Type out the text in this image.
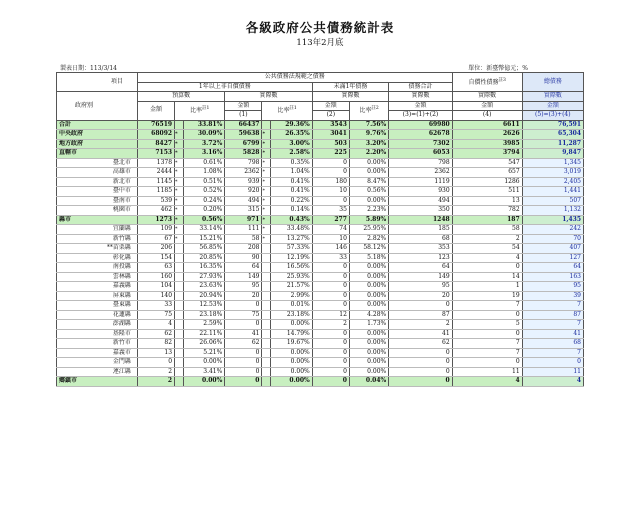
各級政府公共債務統計表
113年2月底
製表日期：113/3/14	單位：新臺幣億元；%
項目	公共債務法規範之債務									自償性債務$^{註3}$	總債務
	1年以上非自償債務						未滿1年債務		債務合計		
政府別	預算數			實際數			實際數		實際數	實際數	實際數
	金額	比率$^{註1}$		金額	比率$^{註1}$		金額	比率$^{註2}$	金額	金額	金額
				(1)			(2)		(3)=(1)+(2)	(4)	(5)=(3)+(4)
合計	76519		33.81%	66437		29.36%	3543	7.56%	69980	6611	76,591
中央政府	68092	*	30.09%	59638	*	26.35%	3041	9.76%	62678	2626	65,304
地方政府	8427	*	3.72%	6799	*	3.00%	503	3.20%	7302	3985	11,287
直轄市	7153	*	3.16%	5828	*	2.58%	225	2.20%	6053	3794	9,847
臺北市	1378	*	0.61%	798	*	0.35%	0	0.00%	798	547	1,345
高雄市	2444	*	1.08%	2362	*	1.04%	0	0.00%	2362	657	3,019
新北市	1145	*	0.51%	939	*	0.41%	180	8.47%	1119	1286	2,405
臺中市	1185	*	0.52%	920	*	0.41%	10	0.56%	930	511	1,441
臺南市	539	*	0.24%	494	*	0.22%	0	0.00%	494	13	507
桃園市	462	*	0.20%	315	*	0.14%	35	2.23%	350	782	1,132
縣市	1273	*	0.56%	971	*	0.43%	277	5.89%	1248	187	1,435
宜蘭縣	109	*	33.14%	111	*	33.48%	74	25.95%	185	58	242
新竹縣	67	*	15.21%	58	*	13.27%	10	2.82%	68	2	70
**苗栗縣	206		56.85%	208		57.33%	146	58.12%	353	54	407
彰化縣	154		20.85%	90		12.19%	33	5.18%	123	4	127
南投縣	63		16.35%	64		16.56%	0	0.00%	64	0	64
雲林縣	160		27.93%	149		25.93%	0	0.00%	149	14	163
嘉義縣	104		23.63%	95		21.57%	0	0.00%	95	1	95
屏東縣	140		20.94%	20		2.99%	0	0.00%	20	19	39
臺東縣	33		12.53%	0		0.01%	0	0.00%	0	7	7
花蓮縣	75		23.18%	75		23.18%	12	4.28%	87	0	87
澎湖縣	4		2.59%	0		0.00%	2	1.73%	2	5	7
基隆市	62		22.11%	41		14.79%	0	0.00%	41	0	41
新竹市	82		26.06%	62		19.67%	0	0.00%	62	7	68
嘉義市	13		5.21%	0		0.00%	0	0.00%	0	7	7
金門縣	0		0.00%	0		0.00%	0	0.00%	0	0	0
連江縣	2		3.41%	0		0.00%	0	0.00%	0	11	11
鄉鎮市	2		0.00%	0		0.00%	0	0.04%	0	4	4
